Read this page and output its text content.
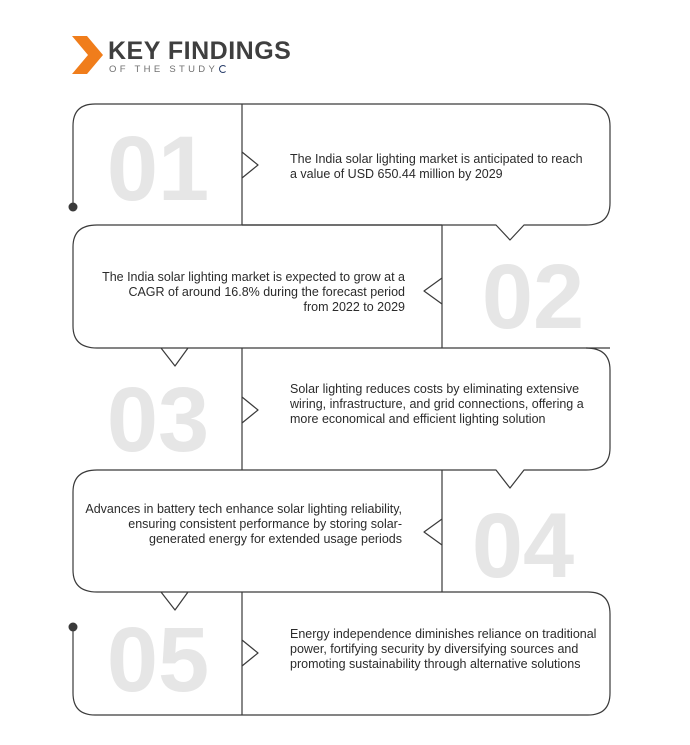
01
02
03
04
05
KEY FINDINGS
OF THE STUDY
The India solar lighting market is anticipated to reach a value of USD 650.44 million by 2029
The India solar lighting market is expected to grow at a CAGR of around 16.8% during the forecast period from 2022 to 2029
Solar lighting reduces costs by eliminating extensive wiring, infrastructure, and grid connections, offering a more economical and efficient lighting solution
Advances in battery tech enhance solar lighting reliability, ensuring consistent performance by storing solar-generated energy for extended usage periods
Energy independence diminishes reliance on traditional power, fortifying security by diversifying sources and promoting sustainability through alternative solutions
